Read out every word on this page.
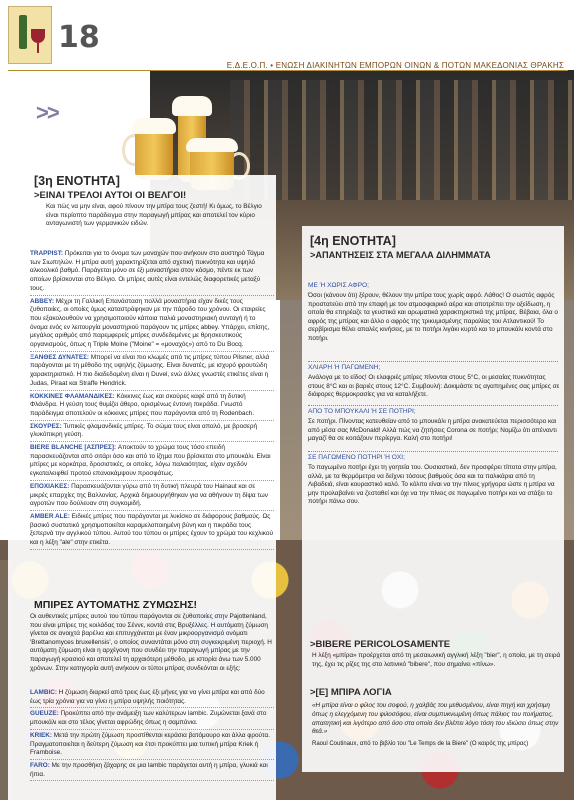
18
Ε.Δ.Ε.Ο.Π. • ΕΝΩΣΗ ΔΙΑΚΙΝΗΤΩΝ ΕΜΠΟΡΩΝ ΟΙΝΩΝ & ΠΟΤΩΝ ΜΑΚΕΔΟΝΙΑΣ ΘΡΑΚΗΣ
>>
[3η ΕΝΟΤΗΤΑ]
>ΕΙΝΑΙ ΤΡΕΛΟΙ ΑΥΤΟΙ ΟΙ ΒΕΛΓΟΙ!
Και πώς να μην είναι, αφού πίνουν την μπίρα τους ζεστή! Κι όμως, το Βέλγιο είναι περίοπτο παράδειγμα στην παραγωγή μπίρας και αποτελεί τον κύριο ανταγωνιστή των γερμανικών ειδών.
TRAPPIST: Πρόκειται για το όνομα των μοναχών που ανήκουν στο αυστηρό Τάγμα των Σιωπηλών. Η μπίρα αυτή χαρακτηρίζεται από σχετική πυκνότητα και υψηλό αλκοολικό βαθμό. Παράγεται μόνο σε έξι μοναστήρια στον κόσμο, πέντε εκ των οποίων βρίσκονται στο Βέλγιο. Οι μπίρες αυτές είναι εντελώς διαφορετικές μεταξύ τους.
ABBEY: Μέχρι τη Γαλλική Επανάσταση πολλά μοναστήρια είχαν δικές τους ζυθοποιίες, οι οποίες όμως καταστράφηκαν με την πάροδο του χρόνου. Οι εταιρείες που εξακολουθούν να χρησιμοποιούν κάποια παλιά μοναστηριακή συνταγή ή το όνομα ενός εν λειτουργία μοναστηριού παράγουν τις μπίρες abbey. Υπάρχει, επίσης, μεγάλος αριθμός από παρεμφερείς μπίρες συνδεδεμένες με θρησκευτικούς οργανισμούς, όπως η Triple Moine ("Moine" = «μοναχός») από το Du Bocq.
ΞΑΝΘΕΣ ΔΥΝΑΤΕΣ: Μπορεί να είναι πιο κλωμές από τις μπίρες τύπου Pilsner, αλλά παράγονται με τη μέθοδο της υψηλής ζύμωσης. Είναι δυνατές, με ισχυρό φρουτώδη χαρακτηριστικό. Η πιο διαδεδομένη είναι η Duvel, ενώ άλλες γνωστές ετικέτες είναι η Judas, Piraat και Straffe Hendrick.
ΚΟΚΚΙΝΕΣ ΦΛΑΜΑΝΔΙΚΕΣ: Κόκκινες έως και σκούρες καφέ από τη δυτική Φλάνδρα. Η γεύση τους θυμίζει άθερο, ορισμένως έντονη πικράδα. Γνωστό παράδειγμα αποτελούν οι κόκκινες μπίρες που παράγονται από τη Rodenbach.
ΣΚΟΥΡΕΣ: Τυπικές φλαμανδικές μπίρες. Το σώμα τους είναι απαλό, με βροσερή γλυκόπικρη γεύση.
BIERE BLANCHE [ΑΣΠΡΕΣ]: Αποκτούν το χρώμα τους τόσο επειδή παρασκευάζονται από σιτάρι όσο και από το ίζημα που βρίσκεται στο μπουκάλι. Είναι μπίρες με κορκάτρα, δροσιστικές, οι οποίες, λόγω παλαιότητας, είχαν σχεδόν εγκαταλειφθεί προτού επανακάμψουν προσφάτως.
ΕΠΟΧΙΑΚΕΣ: Παρασκευάζονται γύρω από τη δυτική πλευρά του Hainaut και σε μικρές επαρχίες της Βαλλονίας. Αρχικά δημιουργήθηκαν για να αθήνουν τη δίψα των αγροτών που δούλευαν στη συγκομιδή.
AMBER ALE: Ειδικές μπίρες που παράγονται με λυκίσκο σε διάφορους βαθμούς. Ως βασικό συστατικό χρησιμοποιείται καραμελοποιημένη βύνη και η πικράδα τους ξεπερνά την αγγλικού τύπου. Αυτού του τύπου οι μπίρες έχουν το χρώμα του κεχλικού και η λέξη "ale" στην ετικέτα.
ΜΠΙΡΕΣ ΑΥΤΟΜΑΤΗΣ ΖΥΜΩΣΗΣ!
Οι αυθεντικές μπίρες αυτού του τύπου παράγονται σε ζυθοποιίες στην Pajottenland, που είναι μπίρες της κοιλάδας του Σέννε, κοντά στις Βρυξέλλες. Η αυτόματη ζύμωση γίνεται σε ανοιχτά βαρέλια και επιτυγχάνεται με έναν μικροοργανισμό ονόματι 'Brettanomyces bruxellensis', ο οποίος συναντάται μόνο στη συγκεκριμένη περιοχή. Η αυτόματη ζύμωση είναι η αρχέγονη που συνδέει την παραγωγή μπίρας με την παραγωγή κρασιού και αποτελεί τη αρχαιότερη μέθοδο, με ιστορία άνω των 5.000 χρόνων. Στην κατηγορία αυτή ανήκουν οι τύποι μπίρας συνδεόνται οι εξής:
LAMBIC: Η ζύμωση διαρκεί από τρεις έως έξι μήνες για να γίνει μπίρα και από δύο έως τρία χρόνια για να γίνει η μπίρα υψηλής ποιότητας.
GUEUZE: Προκύπτει από την ανάμειξη των καλύτερων lambic. Ζυμώνεται ξανά στο μπουκάλι και στο τέλος γίνεται αφρώδης όπως η σαμπάνια.
KRIEK: Μετά την πρώτη ζύμωση προστίθενται κεράσια βατόμουρο και άλλα φρούτα. Πραγματοποιείται η δεύτερη ζύμωση και έτσι προκύπτει μια τυπική μπίρα Kriek ή Framboise.
FARO: Με την προσθήκη ζάχαρης σε μια lambic παράγεται αυτή η μπίρα, γλυκιά και ήπια.
[4η ΕΝΟΤΗΤΑ]
>ΑΠΑΝΤΗΣΕΙΣ ΣΤΑ ΜΕΓΑΛΑ ΔΙΛΗΜΜΑΤΑ
ΜΕ Ή ΧΩΡΙΣ ΑΦΡΟ;
Όσοι (κάνουν ότι) ξέρουν, θέλουν την μπίρα τους χωρίς αφρό. Λάθος! Ο σωστός αφρός προστατεύει από την επαφή με τον ατμοσφαιρικό αέρα και αποτρέπει την οξείδωση, η οποία θα επηρέαζε τα γευστικά και αρωματικά χαρακτηριστικά της μπίρας. Βέβαια, όλα ο αφρός της μπίρας και άλλο ο αφρός της τρικυμισμένης παραλίας του Ατλαντικού! Το σερβίρισμα θέλει απαλές κινήσεις, με το ποτήρι λιγάκι κυρτό και το μπουκάλι κοντά στο ποτήρι.
ΧΛΙΑΡΗ Ή ΠΑΓΩΜΕΝΗ;
Ανάλογα με το είδος! Οι ελαφριές μπίρες πίνονται στους 5°C, οι μεσαίας πυκνότητας στους 8°C και οι βαριές στους 12°C. Συμβουλή: Δοκιμάστε τις αγαπημένες σας μπίρες σε διάφορες θερμοκρασίες για να καταλήξετε.
ΑΠΟ ΤΟ ΜΠΟΥΚΑΛΙ Ή ΣΕ ΠΟΤΗΡΙ;
Σε ποτήρι. Πίνοντας κατευθείαν από το μπουκάλι η μπίρα ανακατεύεται περισσότερο και από μέσα σας McDonald! Αλλά πώς να ζητήσεις Corona σε ποτήρι; Νομίζω ότι απέναντι μαγαζί θα σε κοιτάζουν περίεργα. Καλή στο ποτήρι!
ΣΕ ΠΑΓΩΜΕΝΟ ΠΟΤΗΡΙ Ή ΟΧΙ;
Το παγωμένο ποτήρι έχει τη γοητεία του. Ουσιαστικά, δεν προσφέρει τίποτα στην μπίρα, αλλά, με τα θερμόμετρα να δείχνει τόσους βαθμούς όσα και τα παλικάρια από τη Λιβαδειά, είναι κουραστικό καλό. Το κόλπο είναι να την πίνεις γρήγορα ώστε η μπίρα να μην προλαβαίνει να ζεσταθεί και όχι να την πίνεις σε παγωμένο ποτήρι και να στάξει το ποτήρι πάνω σου.
>BIBERE PERICOLOSAMENTE
Η λέξη «μπίρα» προέρχεται από τη μεσαιωνική αγγλική λέξη "bier", η οποία, με τη σειρά της, έχει τις ρίζες της στο λατινικό "bibere", που σημαίνει «πίνω».
>[Ε] ΜΠΙΡΑ ΛΟΓΙΑ
«Η μπίρα είναι ο φίλος του σοφού, η χαλβάς του μεθυσμένου, είναι πηγή και χρήσιμη όπως η ελεγχόμενη του φιλοσόφου, είναι συμπυκνωμένη όπως πάλιος του ποιήματος, απαιτητική και λιγότερο από όσο στα οποία δεν βλέπει λόγο τόση του ιδιώσει όπως στην θεά.»
Raoul Coutinaux, από το βιβλίο του "Le Temps de la Biere" (Ο καιρός της μπίρας)
